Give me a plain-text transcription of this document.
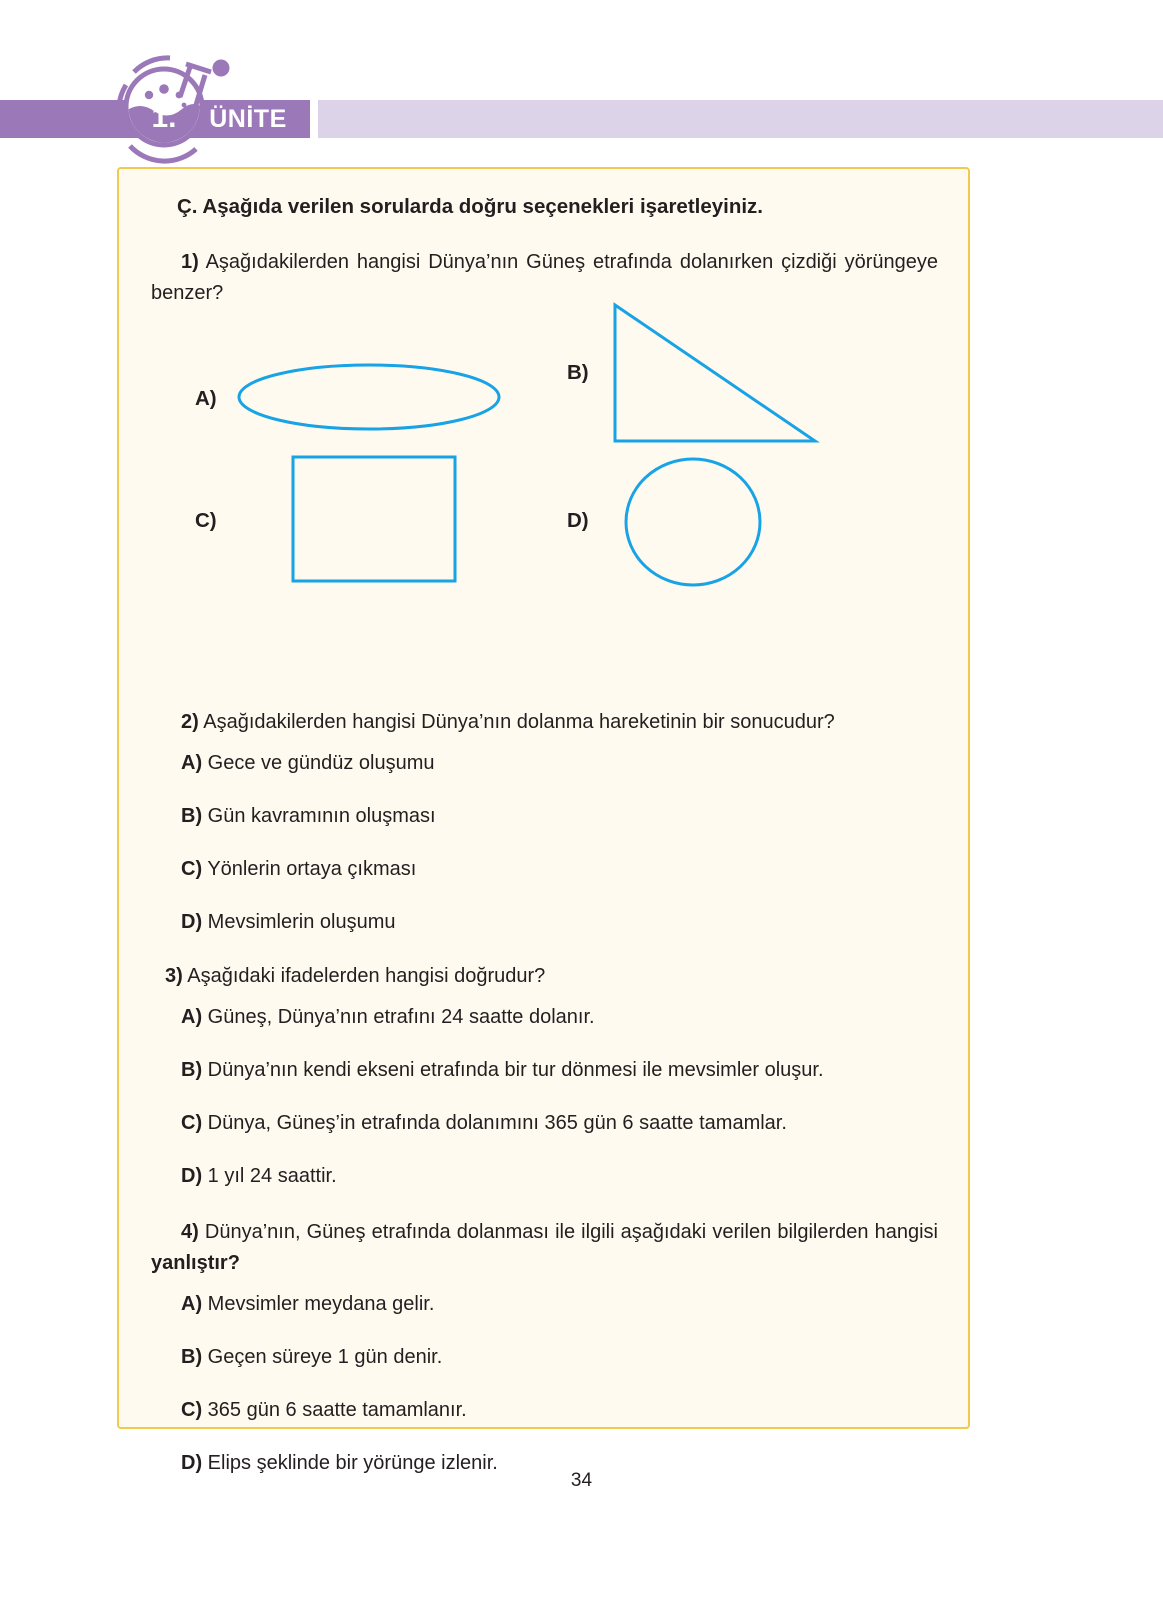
ÜNİTE
1.
Ç. Aşağıda verilen sorularda doğru seçenekleri işaretleyiniz.

1) Aşağıdakilerden hangisi Dünya’nın Güneş etrafında dolanırken çizdiği yörüngeye benzer?

A)
B)
C)	D)

2) Aşağıdakilerden hangisi Dünya’nın dolanma hareketinin bir sonucudur?

A) Gece ve gündüz oluşumu
B) Gün kavramının oluşması
C) Yönlerin ortaya çıkması
D) Mevsimlerin oluşumu

3) Aşağıdaki ifadelerden hangisi doğrudur?

A) Güneş, Dünya’nın etrafını 24 saatte dolanır.
B) Dünya’nın kendi ekseni etrafında bir tur dönmesi ile mevsimler oluşur.
C) Dünya, Güneş’in etrafında dolanımını 365 gün 6 saatte tamamlar.
D) 1 yıl 24 saattir.

4) Dünya’nın, Güneş etrafında dolanması ile ilgili aşağıdaki verilen bilgilerden hangisi yanlıştır?

A) Mevsimler meydana gelir.
B) Geçen süreye 1 gün denir.
C) 365 gün 6 saatte tamamlanır.
D) Elips şeklinde bir yörünge izlenir.
34
